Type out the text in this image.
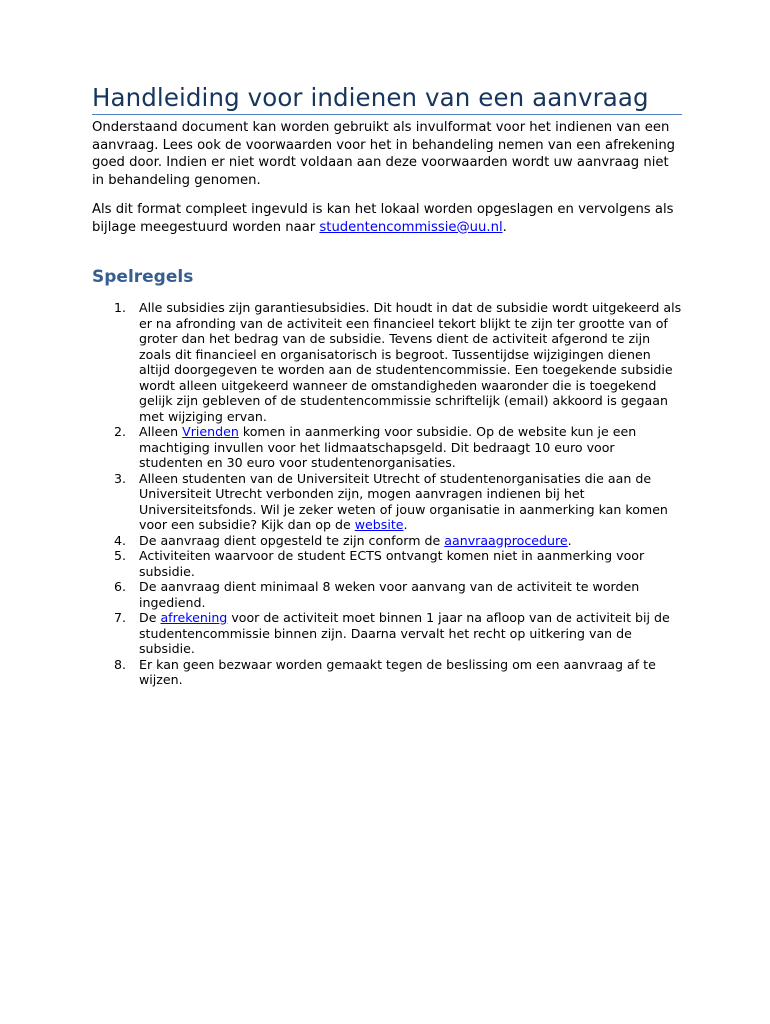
Handleiding voor indienen van een aanvraag

Onderstaand document kan worden gebruikt als invulformat voor het indienen van een aanvraag. Lees ook de voorwaarden voor het in behandeling nemen van een afrekening goed door. Indien er niet wordt voldaan aan deze voorwaarden wordt uw aanvraag niet in behandeling genomen.

Als dit format compleet ingevuld is kan het lokaal worden opgeslagen en vervolgens als bijlage meegestuurd worden naar studentencommissie@uu.nl.

Spelregels
1. Alle subsidies zijn garantiesubsidies. Dit houdt in dat de subsidie wordt uitgekeerd als er na afronding van de activiteit een financieel tekort blijkt te zijn ter grootte van of groter dan het bedrag van de subsidie. Tevens dient de activiteit afgerond te zijn zoals dit financieel en organisatorisch is begroot. Tussentijdse wijzigingen dienen altijd doorgegeven te worden aan de studentencommissie. Een toegekende subsidie wordt alleen uitgekeerd wanneer de omstandigheden waaronder die is toegekend gelijk zijn gebleven of de studentencommissie schriftelijk (email) akkoord is gegaan met wijziging ervan.
2. Alleen Vrienden komen in aanmerking voor subsidie. Op de website kun je een machtiging invullen voor het lidmaatschapsgeld. Dit bedraagt 10 euro voor studenten en 30 euro voor studentenorganisaties.
3. Alleen studenten van de Universiteit Utrecht of studentenorganisaties die aan de Universiteit Utrecht verbonden zijn, mogen aanvragen indienen bij het Universiteitsfonds. Wil je zeker weten of jouw organisatie in aanmerking kan komen voor een subsidie? Kijk dan op de website.
4. De aanvraag dient opgesteld te zijn conform de aanvraagprocedure.
5. Activiteiten waarvoor de student ECTS ontvangt komen niet in aanmerking voor subsidie.
6. De aanvraag dient minimaal 8 weken voor aanvang van de activiteit te worden ingediend.
7. De afrekening voor de activiteit moet binnen 1 jaar na afloop van de activiteit bij de studentencommissie binnen zijn. Daarna vervalt het recht op uitkering van de subsidie.
8. Er kan geen bezwaar worden gemaakt tegen de beslissing om een aanvraag af te wijzen.
